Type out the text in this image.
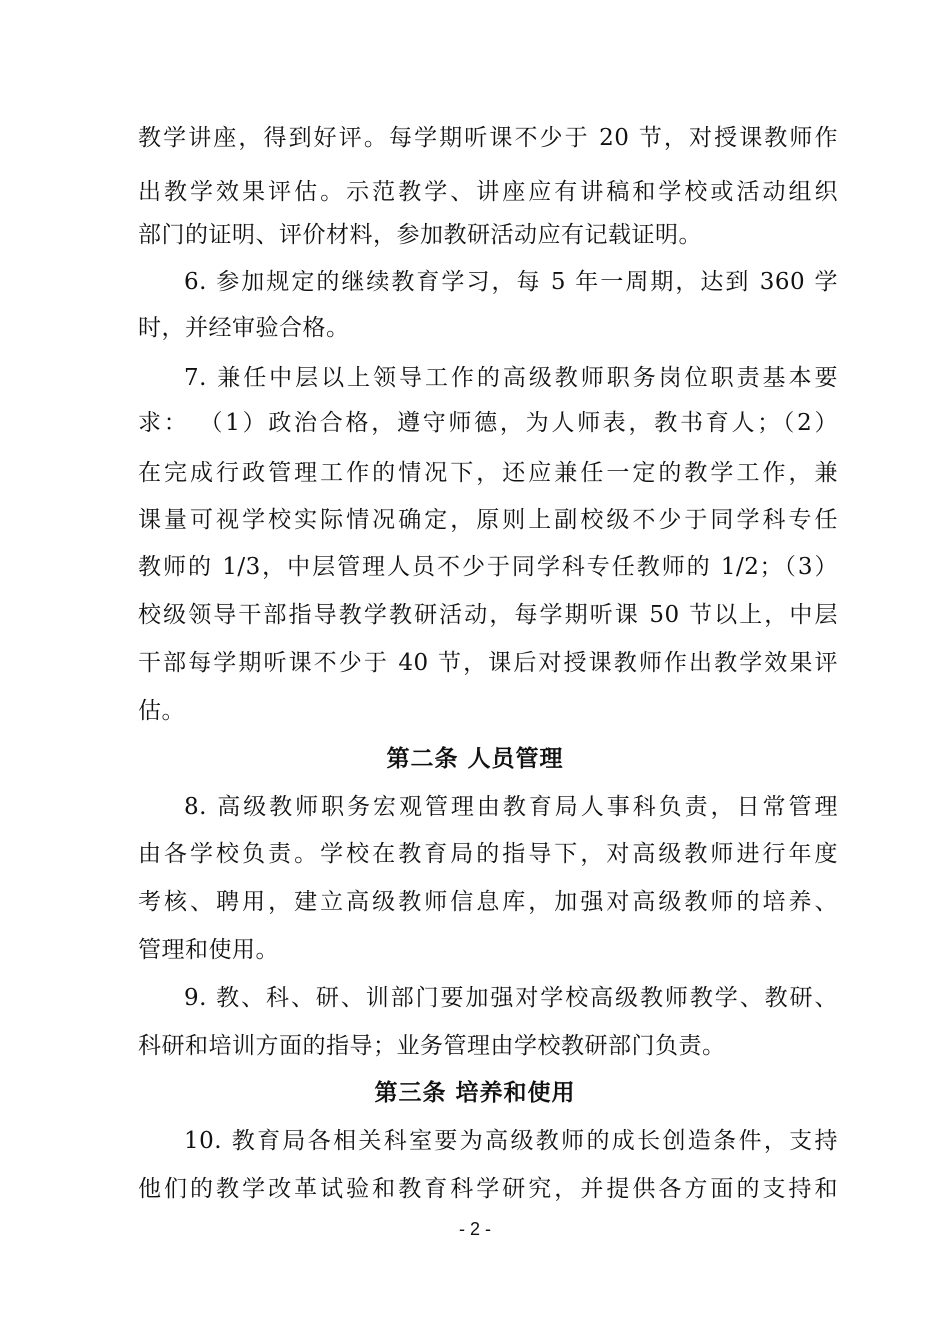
教学讲座，得到好评。每学期听课不少于 20 节，对授课教师作
出教学效果评估。示范教学、讲座应有讲稿和学校或活动组织
部门的证明、评价材料，参加教研活动应有记载证明。
6. 参加规定的继续教育学习，每 5 年一周期，达到 360 学
时，并经审验合格。
7. 兼任中层以上领导工作的高级教师职务岗位职责基本要
求： （1）政治合格，遵守师德，为人师表，教书育人；（2）
在完成行政管理工作的情况下，还应兼任一定的教学工作，兼
课量可视学校实际情况确定，原则上副校级不少于同学科专任
教师的 1/3，中层管理人员不少于同学科专任教师的 1/2；（3）
校级领导干部指导教学教研活动，每学期听课 50 节以上，中层
干部每学期听课不少于 40 节，课后对授课教师作出教学效果评
估。
第二条 人员管理
8. 高级教师职务宏观管理由教育局人事科负责，日常管理
由各学校负责。学校在教育局的指导下，对高级教师进行年度
考核、聘用，建立高级教师信息库，加强对高级教师的培养、
管理和使用。
9. 教、科、研、训部门要加强对学校高级教师教学、教研、
科研和培训方面的指导；业务管理由学校教研部门负责。
第三条 培养和使用
10. 教育局各相关科室要为高级教师的成长创造条件，支持
他们的教学改革试验和教育科学研究，并提供各方面的支持和
- 2 -
